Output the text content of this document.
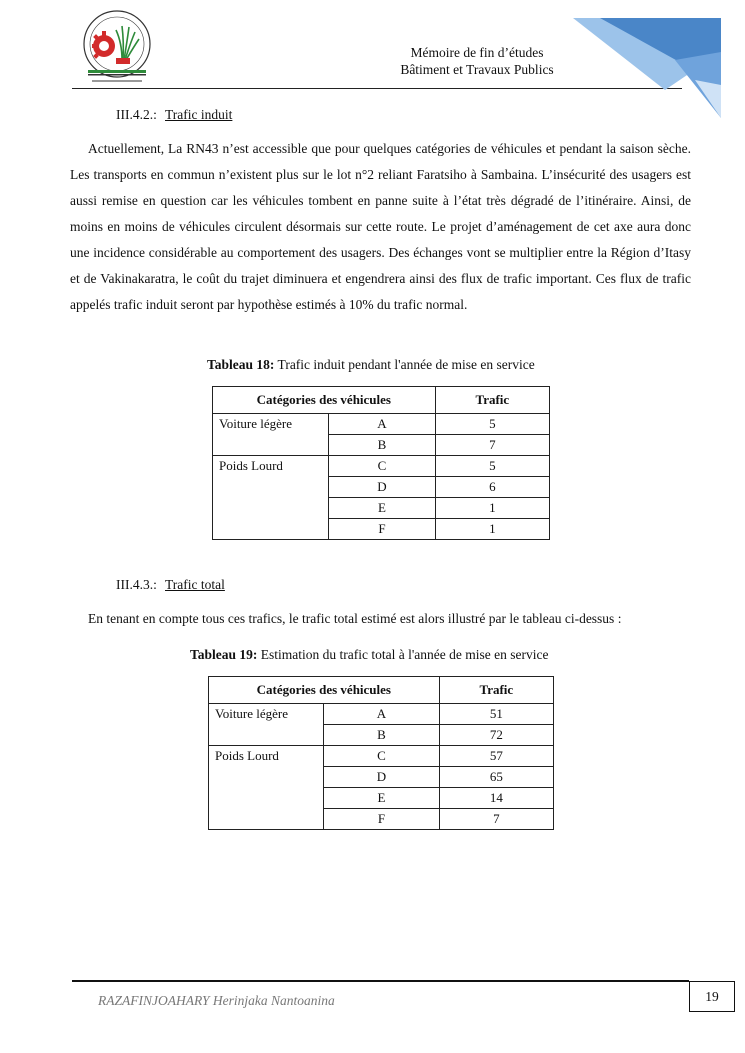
Mémoire de fin d’études
Bâtiment et Travaux Publics
III.4.2.: Trafic induit
Actuellement, La RN43 n’est accessible que pour quelques catégories de véhicules et pendant la saison sèche. Les transports en commun n’existent plus sur le lot n°2 reliant Faratsiho à Sambaina. L’insécurité des usagers est aussi remise en question car les véhicules tombent en panne suite à l’état très dégradé de l’itinéraire. Ainsi, de moins en moins de véhicules circulent désormais sur cette route. Le projet d’aménagement de cet axe aura donc une incidence considérable au comportement des usagers. Des échanges vont se multiplier entre la Région d’Itasy et de Vakinakaratra, le coût du trajet diminuera et engendrera ainsi des flux de trafic important. Ces flux de trafic appelés trafic induit seront par hypothèse estimés à 10% du trafic normal.
Tableau 18: Trafic induit pendant l'année de mise en service
Catégories des véhicules		Trafic
Voiture légère	A	5
	B	7
Poids Lourd	C	5
	D	6
	E	1
	F	1
III.4.3.: Trafic total
En tenant en compte tous ces trafics, le trafic total estimé est alors illustré par le tableau ci-dessus :
Tableau 19: Estimation du trafic total à l'année de mise en service
Catégories des véhicules		Trafic
Voiture légère	A	51
	B	72
Poids Lourd	C	57
	D	65
	E	14
	F	7
RAZAFINJOAHARY Herinjaka Nantoanina	19
